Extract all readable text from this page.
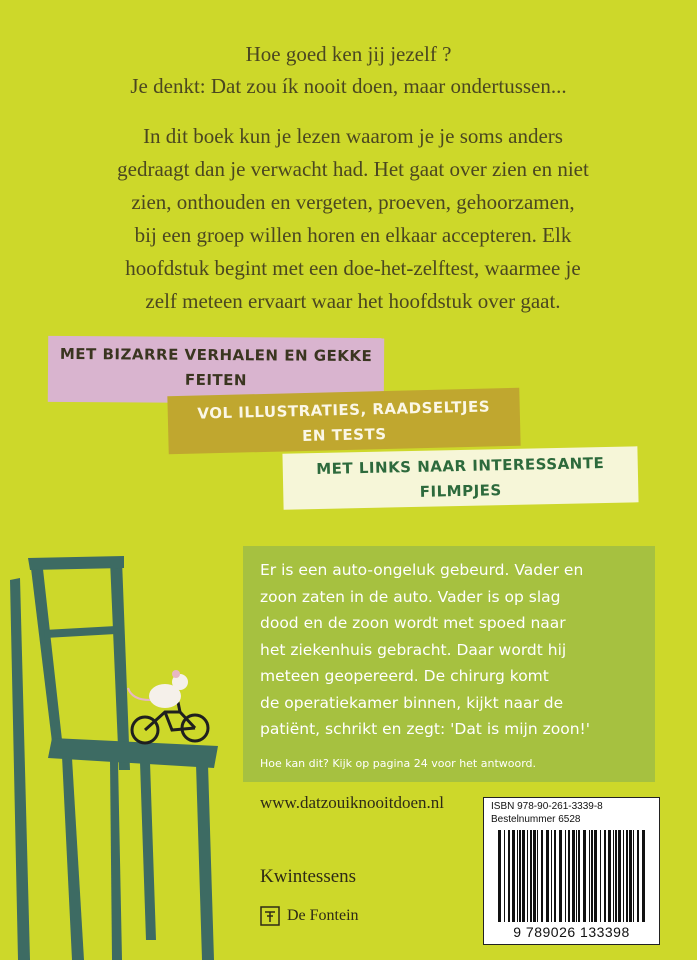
Hoe goed ken jij jezelf ?
Je denkt: Dat zou ík nooit doen, maar ondertussen...
In dit boek kun je lezen waarom je je soms anders
gedraagt dan je verwacht had. Het gaat over zien en niet
zien, onthouden en vergeten, proeven, gehoorzamen,
bij een groep willen horen en elkaar accepteren. Elk
hoofdstuk begint met een doe-het-zelftest, waarmee je
zelf meteen ervaart waar het hoofdstuk over gaat.
MET BIZARRE VERHALEN EN GEKKE
FEITEN
VOL ILLUSTRATIES, RAADSELTJES
EN TESTS
MET LINKS NAAR INTERESSANTE
FILMPJES

Er is een auto-ongeluk gebeurd. Vader en

zoon zaten in de auto. Vader is op slag

dood en de zoon wordt met spoed naar

het ziekenhuis gebracht. Daar wordt hij

meteen geopereerd. De chirurg komt

de operatiekamer binnen, kijkt naar de

patiënt, schrikt en zegt: 'Dat is mijn zoon!'

Hoe kan dit? Kijk op pagina 24 voor het antwoord.

www.datzouiknooitdoen.nl
Kwintessens
De Fontein
ISBN 978-90-261-3339-8
Bestelnummer 6528
9 789026 133398
